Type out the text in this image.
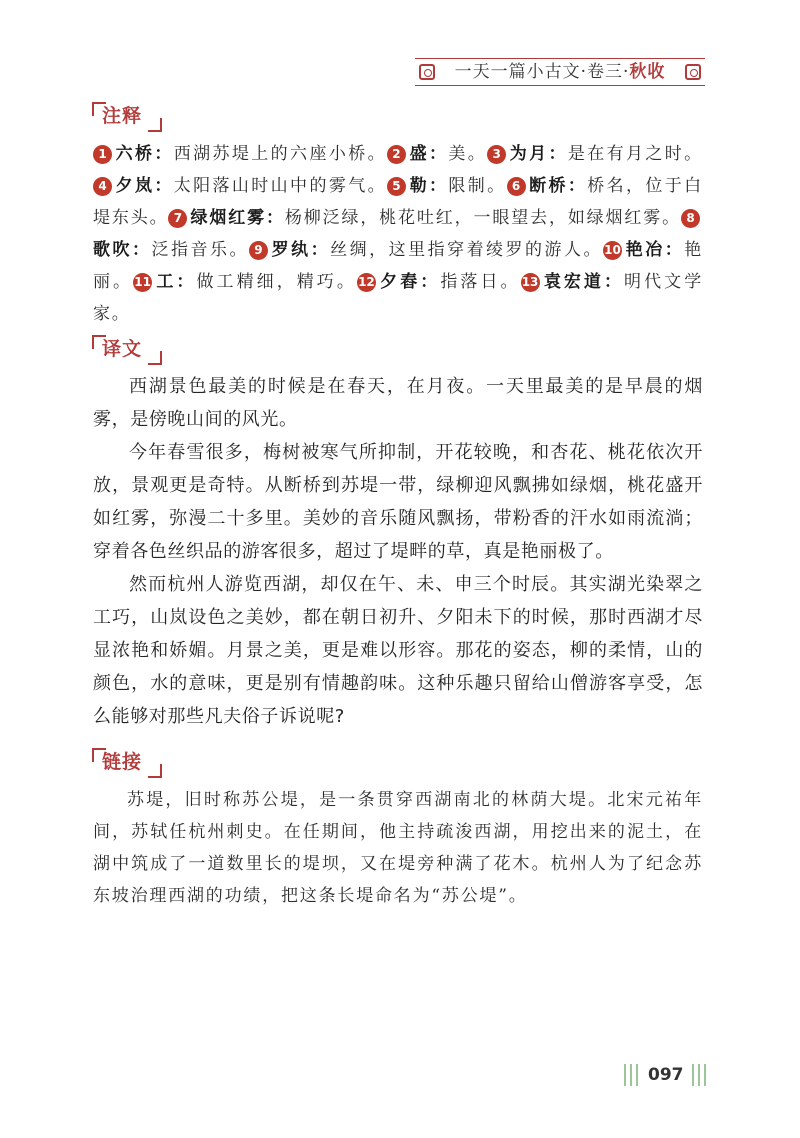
一天一篇小古文·卷三·秋收
注释
1 六桥：西湖苏堤上的六座小桥。 2 盛：美。 3 为月：是在有月之时。4 夕岚：太阳落山时山中的雾气。 5 勒：限制。 6 断桥：桥名，位于白堤东头。 7 绿烟红雾：杨柳泛绿，桃花吐红，一眼望去，如绿烟红雾。 8歌吹：泛指音乐。 9 罗纨：丝绸，这里指穿着绫罗的游人。10 艳冶：艳丽。11 工：做工精细，精巧。12 夕舂：指落日。13 袁宏道：明代文学家。
译文

西湖景色最美的时候是在春天，在月夜。一天里最美的是早晨的烟雾，是傍晚山间的风光。

今年春雪很多，梅树被寒气所抑制，开花较晚，和杏花、桃花依次开放，景观更是奇特。从断桥到苏堤一带，绿柳迎风飘拂如绿烟，桃花盛开如红雾，弥漫二十多里。美妙的音乐随风飘扬，带粉香的汗水如雨流淌；穿着各色丝织品的游客很多，超过了堤畔的草，真是艳丽极了。

然而杭州人游览西湖，却仅在午、未、申三个时辰。其实湖光染翠之工巧，山岚设色之美妙，都在朝日初升、夕阳未下的时候，那时西湖才尽显浓艳和娇媚。月景之美，更是难以形容。那花的姿态，柳的柔情，山的颜色，水的意味，更是别有情趣韵味。这种乐趣只留给山僧游客享受，怎么能够对那些凡夫俗子诉说呢?

链接

苏堤，旧时称苏公堤，是一条贯穿西湖南北的林荫大堤。北宋元祐年间，苏轼任杭州刺史。在任期间，他主持疏浚西湖，用挖出来的泥土，在湖中筑成了一道数里长的堤坝，又在堤旁种满了花木。杭州人为了纪念苏东坡治理西湖的功绩，把这条长堤命名为“苏公堤”。

097
